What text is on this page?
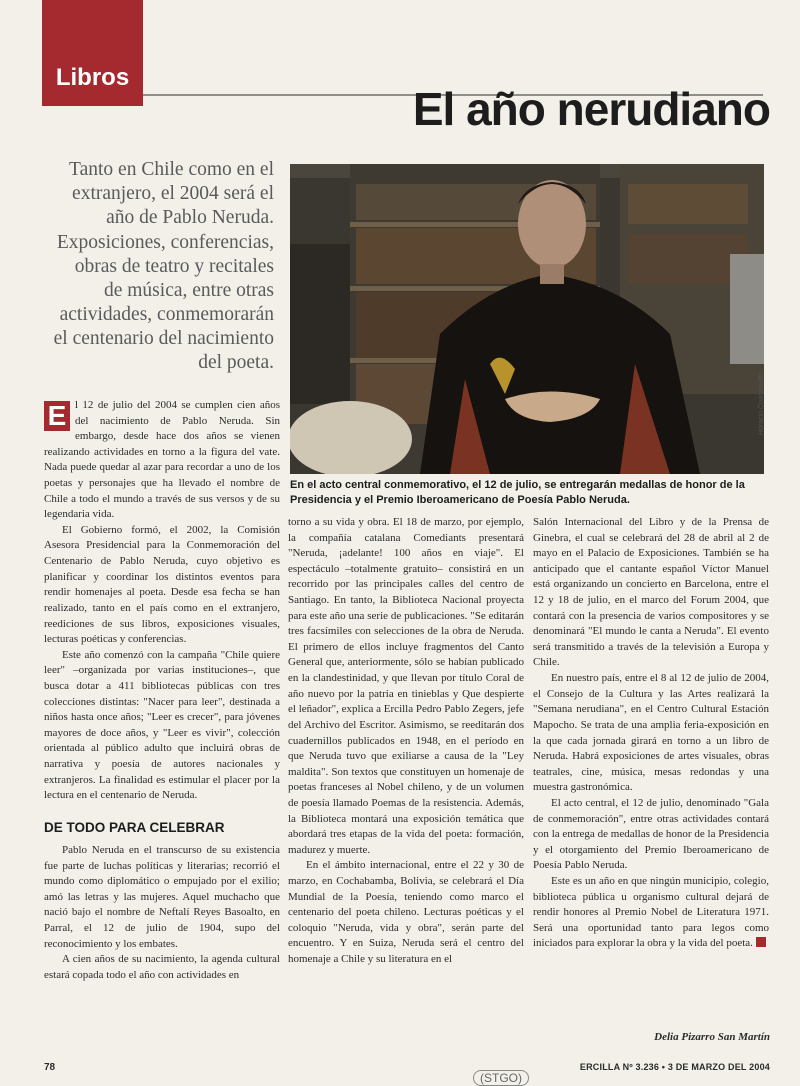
Libros
El año nerudiano
Tanto en Chile como en el extranjero, el 2004 será el año de Pablo Neruda. Exposiciones, conferencias, obras de teatro y recitales de música, entre otras actividades, conmemorarán el centenario del nacimiento del poeta.
Horacio Coassoletto
En el acto central conmemorativo, el 12 de julio, se entregarán medallas de honor de la Presidencia y el Premio Iberoamericano de Poesía Pablo Neruda.

E l 12 de julio del 2004 se cumplen cien años del nacimiento de Pablo Neruda. Sin embargo, desde hace dos años se vienen realizando actividades en torno a la figura del vate. Nada puede quedar al azar para recordar a uno de los poetas y personajes que ha llevado el nombre de Chile a todo el mundo a través de sus versos y de su legendaria vida.

El Gobierno formó, el 2002, la Comisión Asesora Presidencial para la Conmemoración del Centenario de Pablo Neruda, cuyo objetivo es planificar y coordinar los distintos eventos para rendir homenajes al poeta. Desde esa fecha se han realizado, tanto en el país como en el extranjero, reediciones de sus libros, exposiciones visuales, lecturas poéticas y conferencias.

Este año comenzó con la campaña "Chile quiere leer" –organizada por varias instituciones–, que busca dotar a 411 bibliotecas públicas con tres colecciones distintas: "Nacer para leer", destinada a niños hasta once años; "Leer es crecer", para jóvenes mayores de doce años, y "Leer es vivir", colección orientada al público adulto que incluirá obras de narrativa y poesía de autores nacionales y extranjeros. La finalidad es estimular el placer por la lectura en el centenario de Neruda.

DE TODO PARA CELEBRAR

Pablo Neruda en el transcurso de su existencia fue parte de luchas políticas y literarias; recorrió el mundo como diplomático o empujado por el exilio; amó las letras y las mujeres. Aquel muchacho que nació bajo el nombre de Neftalí Reyes Basoalto, en Parral, el 12 de julio de 1904, supo del reconocimiento y los embates.

A cien años de su nacimiento, la agenda cultural estará copada todo el año con actividades en

torno a su vida y obra. El 18 de marzo, por ejemplo, la compañía catalana Comediants presentará "Neruda, ¡adelante! 100 años en viaje". El espectáculo –totalmente gratuito– consistirá en un recorrido por las principales calles del centro de Santiago. En tanto, la Biblioteca Nacional proyecta para este año una serie de publicaciones. "Se editarán tres facsímiles con selecciones de la obra de Neruda. El primero de ellos incluye fragmentos del Canto General que, anteriormente, sólo se habían publicado en la clandestinidad, y que llevan por título Coral de año nuevo por la patria en tinieblas y Que despierte el leñador", explica a Ercilla Pedro Pablo Zegers, jefe del Archivo del Escritor. Asimismo, se reeditarán dos cuadernillos publicados en 1948, en el período en que Neruda tuvo que exiliarse a causa de la "Ley maldita". Son textos que constituyen un homenaje de poetas franceses al Nobel chileno, y de un volumen de poesía llamado Poemas de la resistencia. Además, la Biblioteca montará una exposición temática que abordará tres etapas de la vida del poeta: formación, madurez y muerte.

En el ámbito internacional, entre el 22 y 30 de marzo, en Cochabamba, Bolivia, se celebrará el Día Mundial de la Poesía, teniendo como marco el centenario del poeta chileno. Lecturas poéticas y el coloquio "Neruda, vida y obra", serán parte del encuentro. Y en Suiza, Neruda será el centro del homenaje a Chile y su literatura en el

Salón Internacional del Libro y de la Prensa de Ginebra, el cual se celebrará del 28 de abril al 2 de mayo en el Palacio de Exposiciones. También se ha anticipado que el cantante español Víctor Manuel está organizando un concierto en Barcelona, entre el 12 y 18 de julio, en el marco del Forum 2004, que contará con la presencia de varios compositores y se denominará "El mundo le canta a Neruda". El evento será transmitido a través de la televisión a Europa y Chile.

En nuestro país, entre el 8 al 12 de julio de 2004, el Consejo de la Cultura y las Artes realizará la "Semana nerudiana", en el Centro Cultural Estación Mapocho. Se trata de una amplia feria-exposición en la que cada jornada girará en torno a un libro de Neruda. Habrá exposiciones de artes visuales, obras teatrales, cine, música, mesas redondas y una muestra gastronómica.

El acto central, el 12 de julio, denominado "Gala de conmemoración", entre otras actividades contará con la entrega de medallas de honor de la Presidencia y el otorgamiento del Premio Iberoamericano de Poesía Pablo Neruda.

Este es un año en que ningún municipio, colegio, biblioteca pública u organismo cultural dejará de rendir honores al Premio Nobel de Literatura 1971. Será una oportunidad tanto para legos como iniciados para explorar la obra y la vida del poeta.

Delia Pizarro San Martín
78	ERCILLA Nº 3.236 • 3 DE MARZO DEL 2004
(STGO)
